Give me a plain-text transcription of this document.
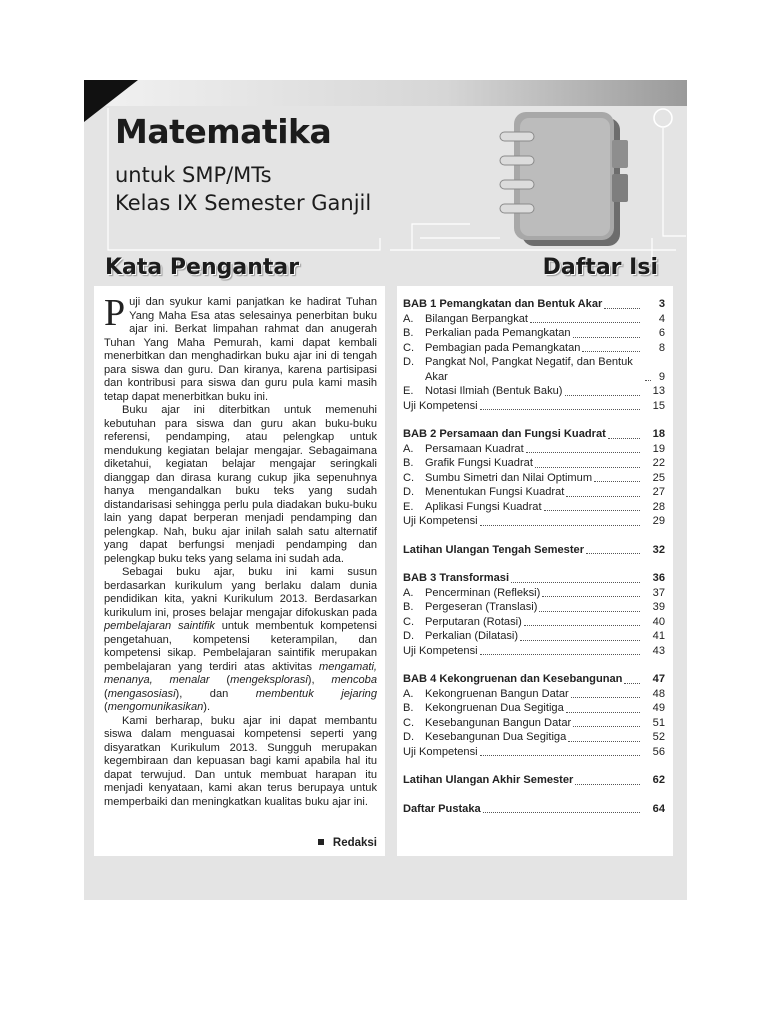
Matematika
untuk SMP/MTs
Kelas IX Semester Ganjil
Kata Pengantar	Daftar Isi

Puji dan syukur kami panjatkan ke hadirat Tuhan Yang Maha Esa atas selesainya penerbitan buku ajar ini. Berkat limpahan rahmat dan anugerah Tuhan Yang Maha Pemurah, kami dapat kembali menerbitkan dan menghadirkan buku ajar ini di tengah para siswa dan guru. Dan kiranya, karena partisipasi dan kontribusi para siswa dan guru pula kami masih tetap dapat menerbitkan buku ini.

Buku ajar ini diterbitkan untuk memenuhi kebutuhan para siswa dan guru akan buku-buku referensi, pendamping, atau pelengkap untuk mendukung kegiatan belajar mengajar. Sebagaimana diketahui, kegiatan belajar mengajar seringkali dianggap dan dirasa kurang cukup jika sepenuhnya hanya mengandalkan buku teks yang sudah distandarisasi sehingga perlu pula diadakan buku-buku lain yang dapat berperan menjadi pendamping dan pelengkap. Nah, buku ajar inilah salah satu alternatif yang dapat berfungsi menjadi pendamping dan pelengkap buku teks yang selama ini sudah ada.

Sebagai buku ajar, buku ini kami susun berdasarkan kurikulum yang berlaku dalam dunia pendidikan kita, yakni Kurikulum 2013. Berdasarkan kurikulum ini, proses belajar mengajar difokuskan pada pembelajaran saintifik untuk membentuk kompetensi pengetahuan, kompetensi keterampilan, dan kompetensi sikap. Pembelajaran saintifik merupakan pembelajaran yang terdiri atas aktivitas mengamati, menanya, menalar (mengeksplorasi), mencoba (mengasosiasi), dan membentuk jejaring (mengomunikasikan).

Kami berharap, buku ajar ini dapat membantu siswa dalam menguasai kompetensi seperti yang disyaratkan Kurikulum 2013. Sungguh merupakan kegembiraan dan kepuasan bagi kami apabila hal itu dapat terwujud. Dan untuk membuat harapan itu menjadi kenyataan, kami akan terus berupaya untuk memperbaiki dan meningkatkan kualitas buku ajar ini.

Redaksi
BAB 1 Pemangkatan dan Bentuk Akar	3
A. Bilangan Berpangkat	4
B. Perkalian pada Pemangkatan	6
C. Pembagian pada Pemangkatan	8
D. Pangkat Nol, Pangkat Negatif, dan Bentuk Akar	9
E. Notasi Ilmiah (Bentuk Baku)	13
Uji Kompetensi	15
BAB 2 Persamaan dan Fungsi Kuadrat	18
A. Persamaan Kuadrat	19
B. Grafik Fungsi Kuadrat	22
C. Sumbu Simetri dan Nilai Optimum	25
D. Menentukan Fungsi Kuadrat	27
E. Aplikasi Fungsi Kuadrat	28
Uji Kompetensi	29
Latihan Ulangan Tengah Semester	32
BAB 3 Transformasi	36
A. Pencerminan (Refleksi)	37
B. Pergeseran (Translasi)	39
C. Perputaran (Rotasi)	40
D. Perkalian (Dilatasi)	41
Uji Kompetensi	43
BAB 4 Kekongruenan dan Kesebangunan	47
A. Kekongruenan Bangun Datar	48
B. Kekongruenan Dua Segitiga	49
C. Kesebangunan Bangun Datar	51
D. Kesebangunan Dua Segitiga	52
Uji Kompetensi	56
Latihan Ulangan Akhir Semester	62
Daftar Pustaka	64
